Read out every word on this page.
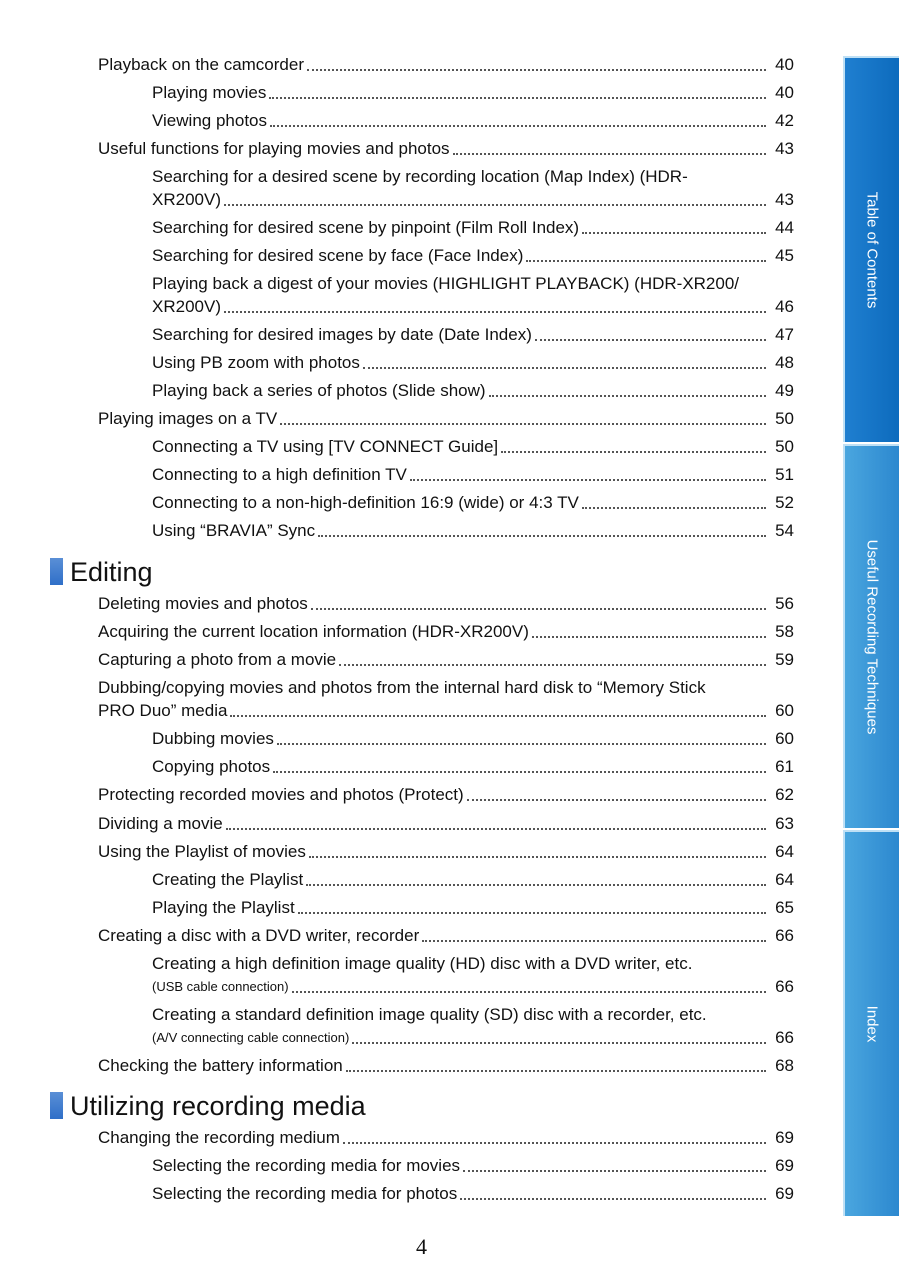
Playback on the camcorder	40
Playing movies	40
Viewing photos	42
Useful functions for playing movies and photos	43
Searching for a desired scene by recording location (Map Index) (HDR-
XR200V)	43
Searching for desired scene by pinpoint (Film Roll Index)	44
Searching for desired scene by face (Face Index)	45
Playing back a digest of your movies (HIGHLIGHT PLAYBACK) (HDR-XR200/
XR200V)	46
Searching for desired images by date (Date Index)	47
Using PB zoom with photos	48
Playing back a series of photos (Slide show)	49
Playing images on a TV	50
Connecting a TV using [TV CONNECT Guide]	50
Connecting to a high definition TV	51
Connecting to a non-high-definition 16:9 (wide) or 4:3 TV	52
Using “BRAVIA” Sync	54
Editing
Deleting movies and photos	56
Acquiring the current location information (HDR-XR200V)	58
Capturing a photo from a movie	59
Dubbing/copying movies and photos from the internal hard disk to “Memory Stick
PRO Duo” media	60
Dubbing movies	60
Copying photos	61
Protecting recorded movies and photos (Protect)	62
Dividing a movie	63
Using the Playlist of movies	64
Creating the Playlist	64
Playing the Playlist	65
Creating a disc with a DVD writer, recorder	66
Creating a high definition image quality (HD) disc with a DVD writer, etc.
(USB cable connection)	66
Creating a standard definition image quality (SD) disc with a recorder, etc.
(A/V connecting cable connection)	66
Checking the battery information	68
Utilizing recording media
Changing the recording medium	69
Selecting the recording media for movies	69
Selecting the recording media for photos	69
Table of Contents
Useful Recording Techniques
Index
4
